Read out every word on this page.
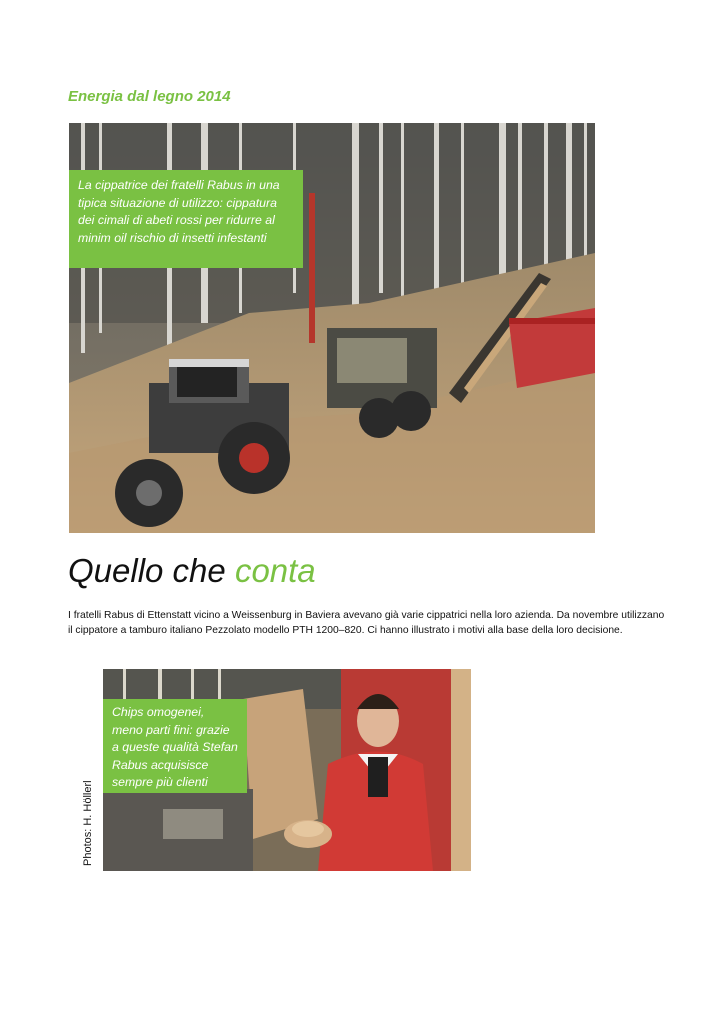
Energia dal legno 2014
La cippatrice dei fratelli Rabus in una tipica situazione di utilizzo: cippatura dei cimali di abeti rossi per ridurre al minim oil rischio di insetti infestanti
Quello che conta
I fratelli Rabus di Ettenstatt vicino a Weissenburg in Baviera avevano già varie cippatrici nella loro azienda. Da novembre utilizzano il cippatore a tamburo italiano Pezzolato modello PTH 1200–820. Ci hanno illustrato i motivi alla base della loro decisione.
Chips omogenei, meno parti fini: grazie a queste qualità Stefan Rabus acquisisce sempre più clienti
Photos: H. Höllerl
